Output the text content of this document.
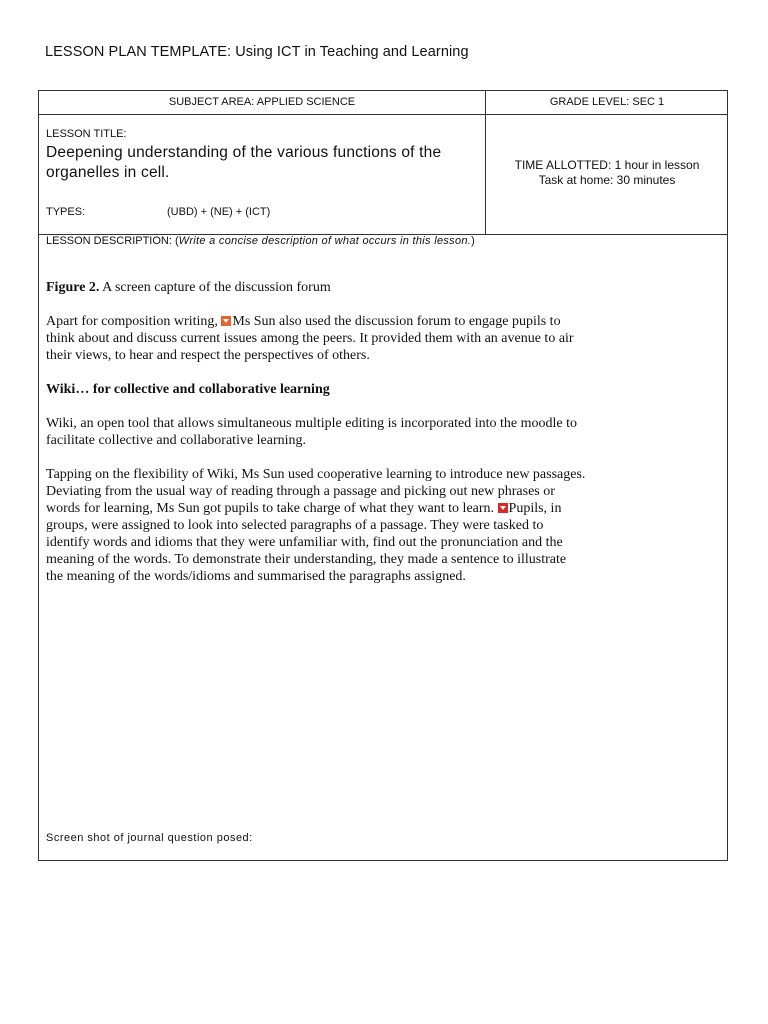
LESSON PLAN TEMPLATE: Using ICT in Teaching and Learning
SUBJECT AREA: APPLIED SCIENCE	GRADE LEVEL: SEC 1
LESSON TITLE:
Deepening understanding of the various functions of the organelles in cell.
TYPES:	(UBD) + (NE) + (ICT)
TIME ALLOTTED: 1 hour in lesson
Task at home: 30 minutes
LESSON DESCRIPTION: (Write a concise description of what occurs in this lesson.)
Figure 2. A screen capture of the discussion forum
Apart for composition writing, Ms Sun also used the discussion forum to engage pupils to think about and discuss current issues among the peers. It provided them with an avenue to air their views, to hear and respect the perspectives of others.
Wiki… for collective and collaborative learning
Wiki, an open tool that allows simultaneous multiple editing is incorporated into the moodle to facilitate collective and collaborative learning.
Tapping on the flexibility of Wiki, Ms Sun used cooperative learning to introduce new passages. Deviating from the usual way of reading through a passage and picking out new phrases or words for learning, Ms Sun got pupils to take charge of what they want to learn. Pupils, in groups, were assigned to look into selected paragraphs of a passage. They were tasked to identify words and idioms that they were unfamiliar with, find out the pronunciation and the meaning of the words. To demonstrate their understanding, they made a sentence to illustrate the meaning of the words/idioms and summarised the paragraphs assigned.
Screen shot of journal question posed:
